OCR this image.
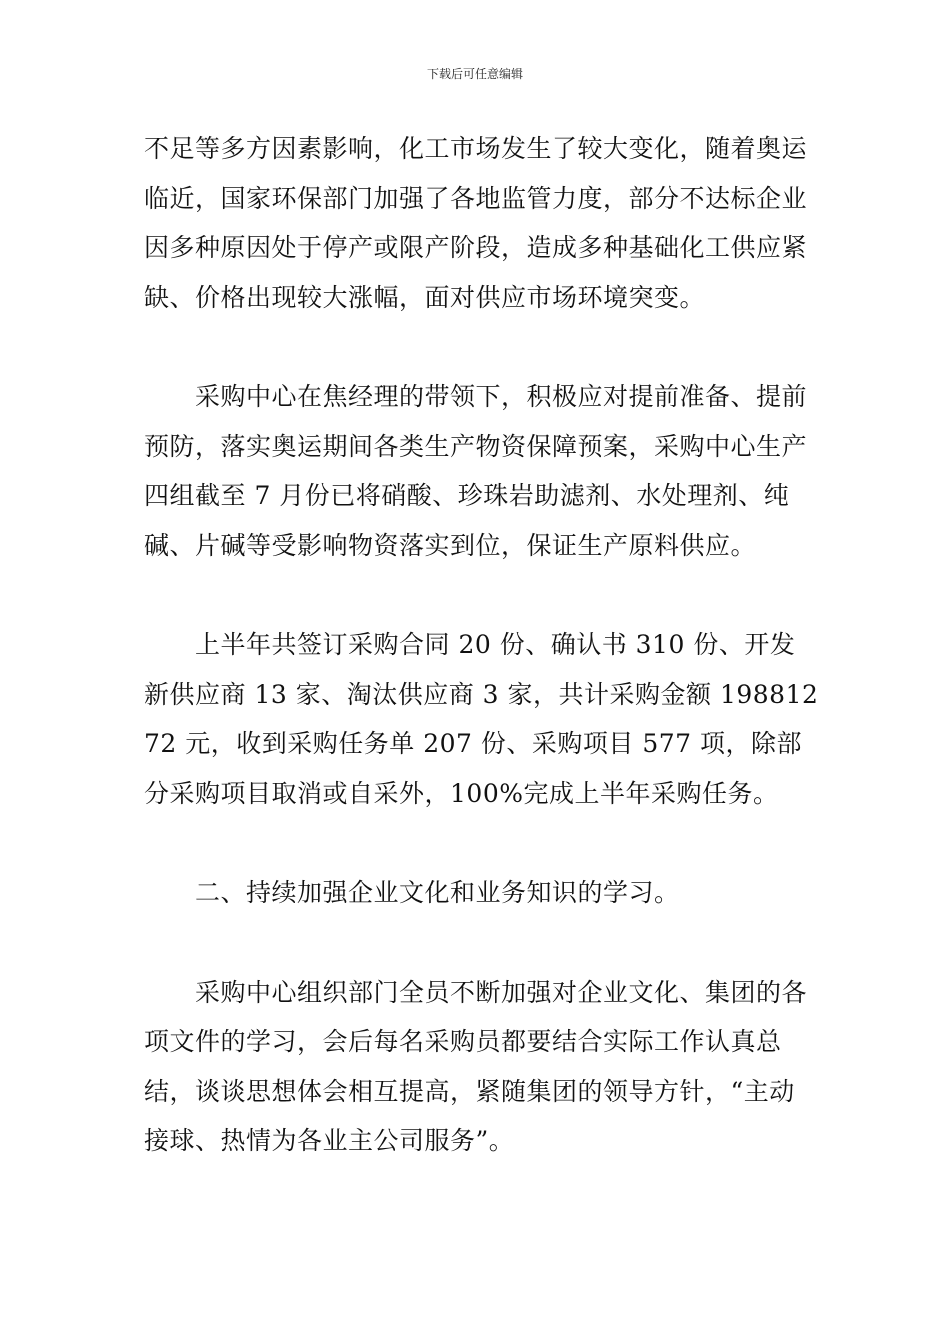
下载后可任意编辑

不足等多方因素影响，化工市场发生了较大变化，随着奥运临近，国家环保部门加强了各地监管力度，部分不达标企业因多种原因处于停产或限产阶段，造成多种基础化工供应紧缺、价格出现较大涨幅，面对供应市场环境突变。

　　采购中心在焦经理的带领下，积极应对提前准备、提前预防，落实奥运期间各类生产物资保障预案，采购中心生产四组截至 7 月份已将硝酸、珍珠岩助滤剂、水处理剂、纯碱、片碱等受影响物资落实到位，保证生产原料供应。

　　上半年共签订采购合同 20 份、确认书 310 份、开发新供应商 13 家、淘汰供应商 3 家，共计采购金额 19881272 元，收到采购任务单 207 份、采购项目 577 项，除部分采购项目取消或自采外，100%完成上半年采购任务。

　　二、持续加强企业文化和业务知识的学习。

　　采购中心组织部门全员不断加强对企业文化、集团的各项文件的学习，会后每名采购员都要结合实际工作认真总结，谈谈思想体会相互提高，紧随集团的领导方针，“主动接球、热情为各业主公司服务”。
